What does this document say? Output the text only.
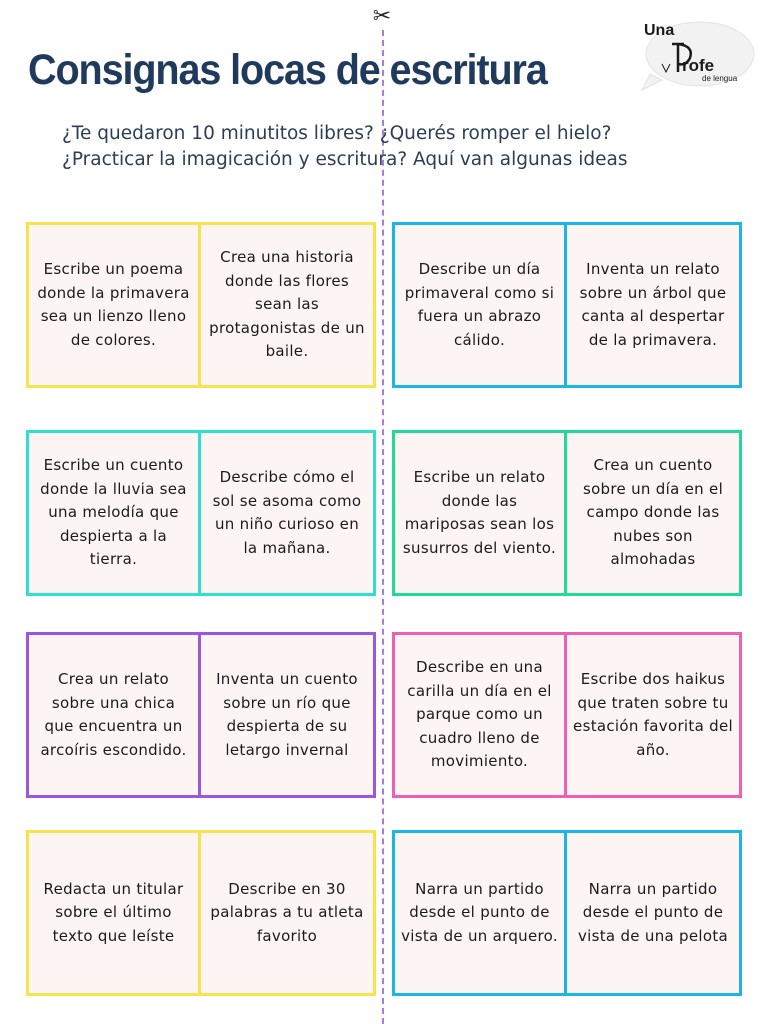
✂
Consignas locas de escritura
Una
rofe
de lengua
¿Te quedaron 10 minutitos libres? ¿Querés romper el hielo?
¿Practicar la imagicación y escritura? Aquí van algunas ideas
Escribe un poema donde la primavera sea un lienzo lleno de colores.
Crea una historia donde las flores sean las protagonistas de un baile.
Describe un día primaveral como si fuera un abrazo cálido.
Inventa un relato sobre un árbol que canta al despertar de la primavera.
Escribe un cuento donde la lluvia sea una melodía que despierta a la tierra.
Describe cómo el sol se asoma como un niño curioso en la mañana.
Escribe un relato donde las mariposas sean los susurros del viento.
Crea un cuento sobre un día en el campo donde las nubes son almohadas
Crea un relato sobre una chica que encuentra un arcoíris escondido.
Inventa un cuento sobre un río que despierta de su letargo invernal
Describe en una carilla un día en el parque como un cuadro lleno de movimiento.
Escribe dos haikus que traten sobre tu estación favorita del año.
Redacta un titular sobre el último texto que leíste
Describe en 30 palabras a tu atleta favorito
Narra un partido desde el punto de vista de un arquero.
Narra un partido desde el punto de vista de una pelota
